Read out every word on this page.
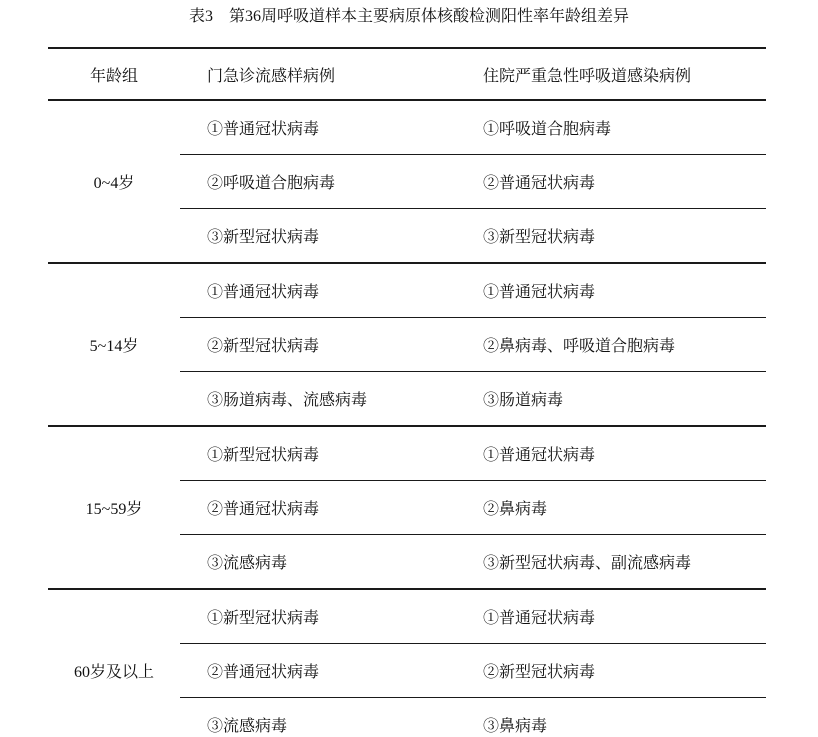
表3　第36周呼吸道样本主要病原体核酸检测阳性率年龄组差异
年龄组	门急诊流感样病例	住院严重急性呼吸道感染病例
0~4岁	①普通冠状病毒	①呼吸道合胞病毒
	②呼吸道合胞病毒	②普通冠状病毒
	③新型冠状病毒	③新型冠状病毒
5~14岁	①普通冠状病毒	①普通冠状病毒
	②新型冠状病毒	②鼻病毒、呼吸道合胞病毒
	③肠道病毒、流感病毒	③肠道病毒
15~59岁	①新型冠状病毒	①普通冠状病毒
	②普通冠状病毒	②鼻病毒
	③流感病毒	③新型冠状病毒、副流感病毒
60岁及以上	①新型冠状病毒	①普通冠状病毒
	②普通冠状病毒	②新型冠状病毒
	③流感病毒	③鼻病毒
